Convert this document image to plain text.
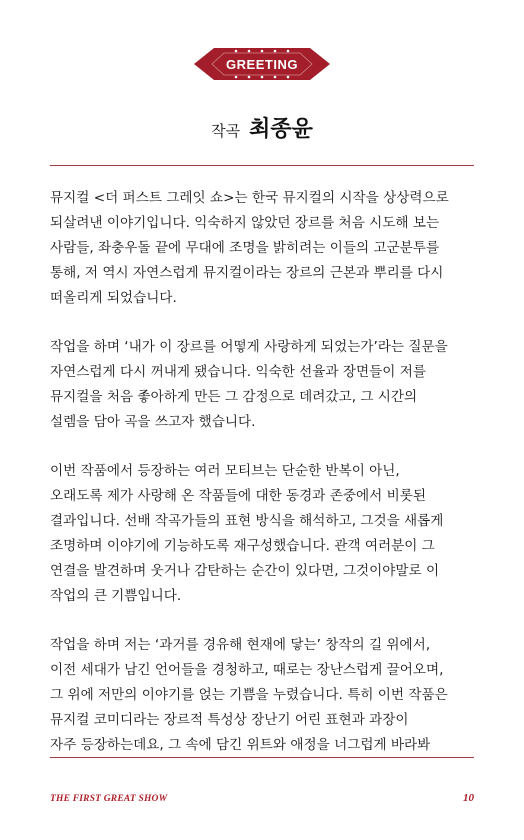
GREETING
작곡 최종윤

뮤지컬 <더 퍼스트 그레잇 쇼>는 한국 뮤지컬의 시작을 상상력으로
되살려낸 이야기입니다. 익숙하지 않았던 장르를 처음 시도해 보는
사람들, 좌충우돌 끝에 무대에 조명을 밝히려는 이들의 고군분투를
통해, 저 역시 자연스럽게 뮤지컬이라는 장르의 근본과 뿌리를 다시
떠올리게 되었습니다.

작업을 하며 ‘내가 이 장르를 어떻게 사랑하게 되었는가’라는 질문을
자연스럽게 다시 꺼내게 됐습니다. 익숙한 선율과 장면들이 저를
뮤지컬을 처음 좋아하게 만든 그 감정으로 데려갔고, 그 시간의
설렘을 담아 곡을 쓰고자 했습니다.

이번 작품에서 등장하는 여러 모티브는 단순한 반복이 아닌,
오래도록 제가 사랑해 온 작품들에 대한 동경과 존중에서 비롯된
결과입니다. 선배 작곡가들의 표현 방식을 해석하고, 그것을 새롭게
조명하며 이야기에 기능하도록 재구성했습니다. 관객 여러분이 그
연결을 발견하며 웃거나 감탄하는 순간이 있다면, 그것이야말로 이
작업의 큰 기쁨입니다.

작업을 하며 저는 ‘과거를 경유해 현재에 닿는’ 창작의 길 위에서,
이전 세대가 남긴 언어들을 경청하고, 때로는 장난스럽게 끌어오며,
그 위에 저만의 이야기를 얹는 기쁨을 누렸습니다. 특히 이번 작품은
뮤지컬 코미디라는 장르적 특성상 장난기 어린 표현과 과장이
자주 등장하는데요, 그 속에 담긴 위트와 애정을 너그럽게 바라봐

THE FIRST GREAT SHOW	10
